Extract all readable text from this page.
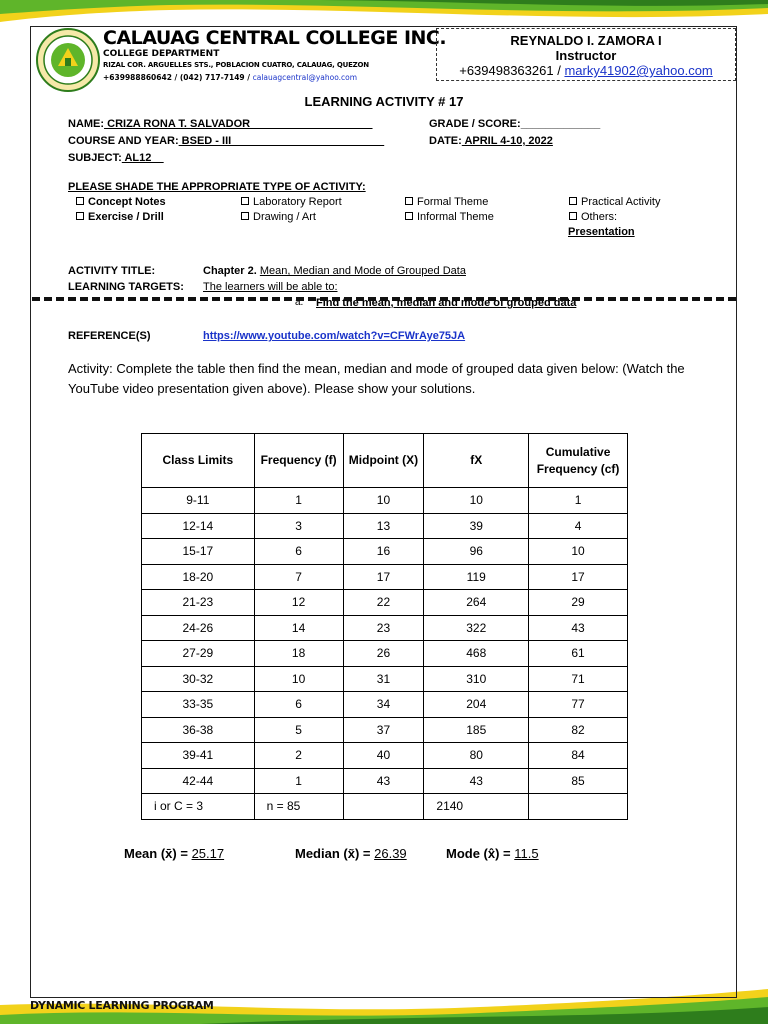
CALAUAG CENTRAL COLLEGE INC.
COLLEGE DEPARTMENT
RIZAL COR. ARGUELLES STS., POBLACION CUATRO, CALAUAG, QUEZON
+639988860642 / (042) 717-7149 / calauagcentral@yahoo.com
REYNALDO I. ZAMORA I
Instructor
+639498363261 / marky41902@yahoo.com
LEARNING ACTIVITY # 17
NAME: CRIZA RONA T. SALVADOR____________________
COURSE AND YEAR: BSED - III_________________________
SUBJECT: AL12__
GRADE / SCORE:_____________
DATE: APRIL 4-10, 2022
PLEASE SHADE THE APPROPRIATE TYPE OF ACTIVITY:
Concept Notes	Laboratory Report	Formal Theme	Practical Activity
Exercise / Drill	Drawing / Art	Informal Theme	Others:
Presentation
ACTIVITY TITLE:	Chapter 2. Mean, Median and Mode of Grouped Data
LEARNING TARGETS: The learners will be able to:
a. Find the mean, median and mode of grouped data
REFERENCE(S)	https://www.youtube.com/watch?v=CFWrAye75JA
Activity: Complete the table then find the mean, median and mode of grouped data given below: (Watch the YouTube video presentation given above). Please show your solutions.
Class Limits	Frequency (f)	Midpoint (X)	fX	Cumulative Frequency (cf)
9-11	1	10	10	1
12-14	3	13	39	4
15-17	6	16	96	10
18-20	7	17	119	17
21-23	12	22	264	29
24-26	14	23	322	43
27-29	18	26	468	61
30-32	10	31	310	71
33-35	6	34	204	77
36-38	5	37	185	82
39-41	2	40	80	84
42-44	1	43	43	85
i or C = 3	n = 85		2140	
Mean (x̄) = 25.17	Median (x̃) = 26.39	Mode (x̂) = 11.5
DYNAMIC LEARNING PROGRAM
